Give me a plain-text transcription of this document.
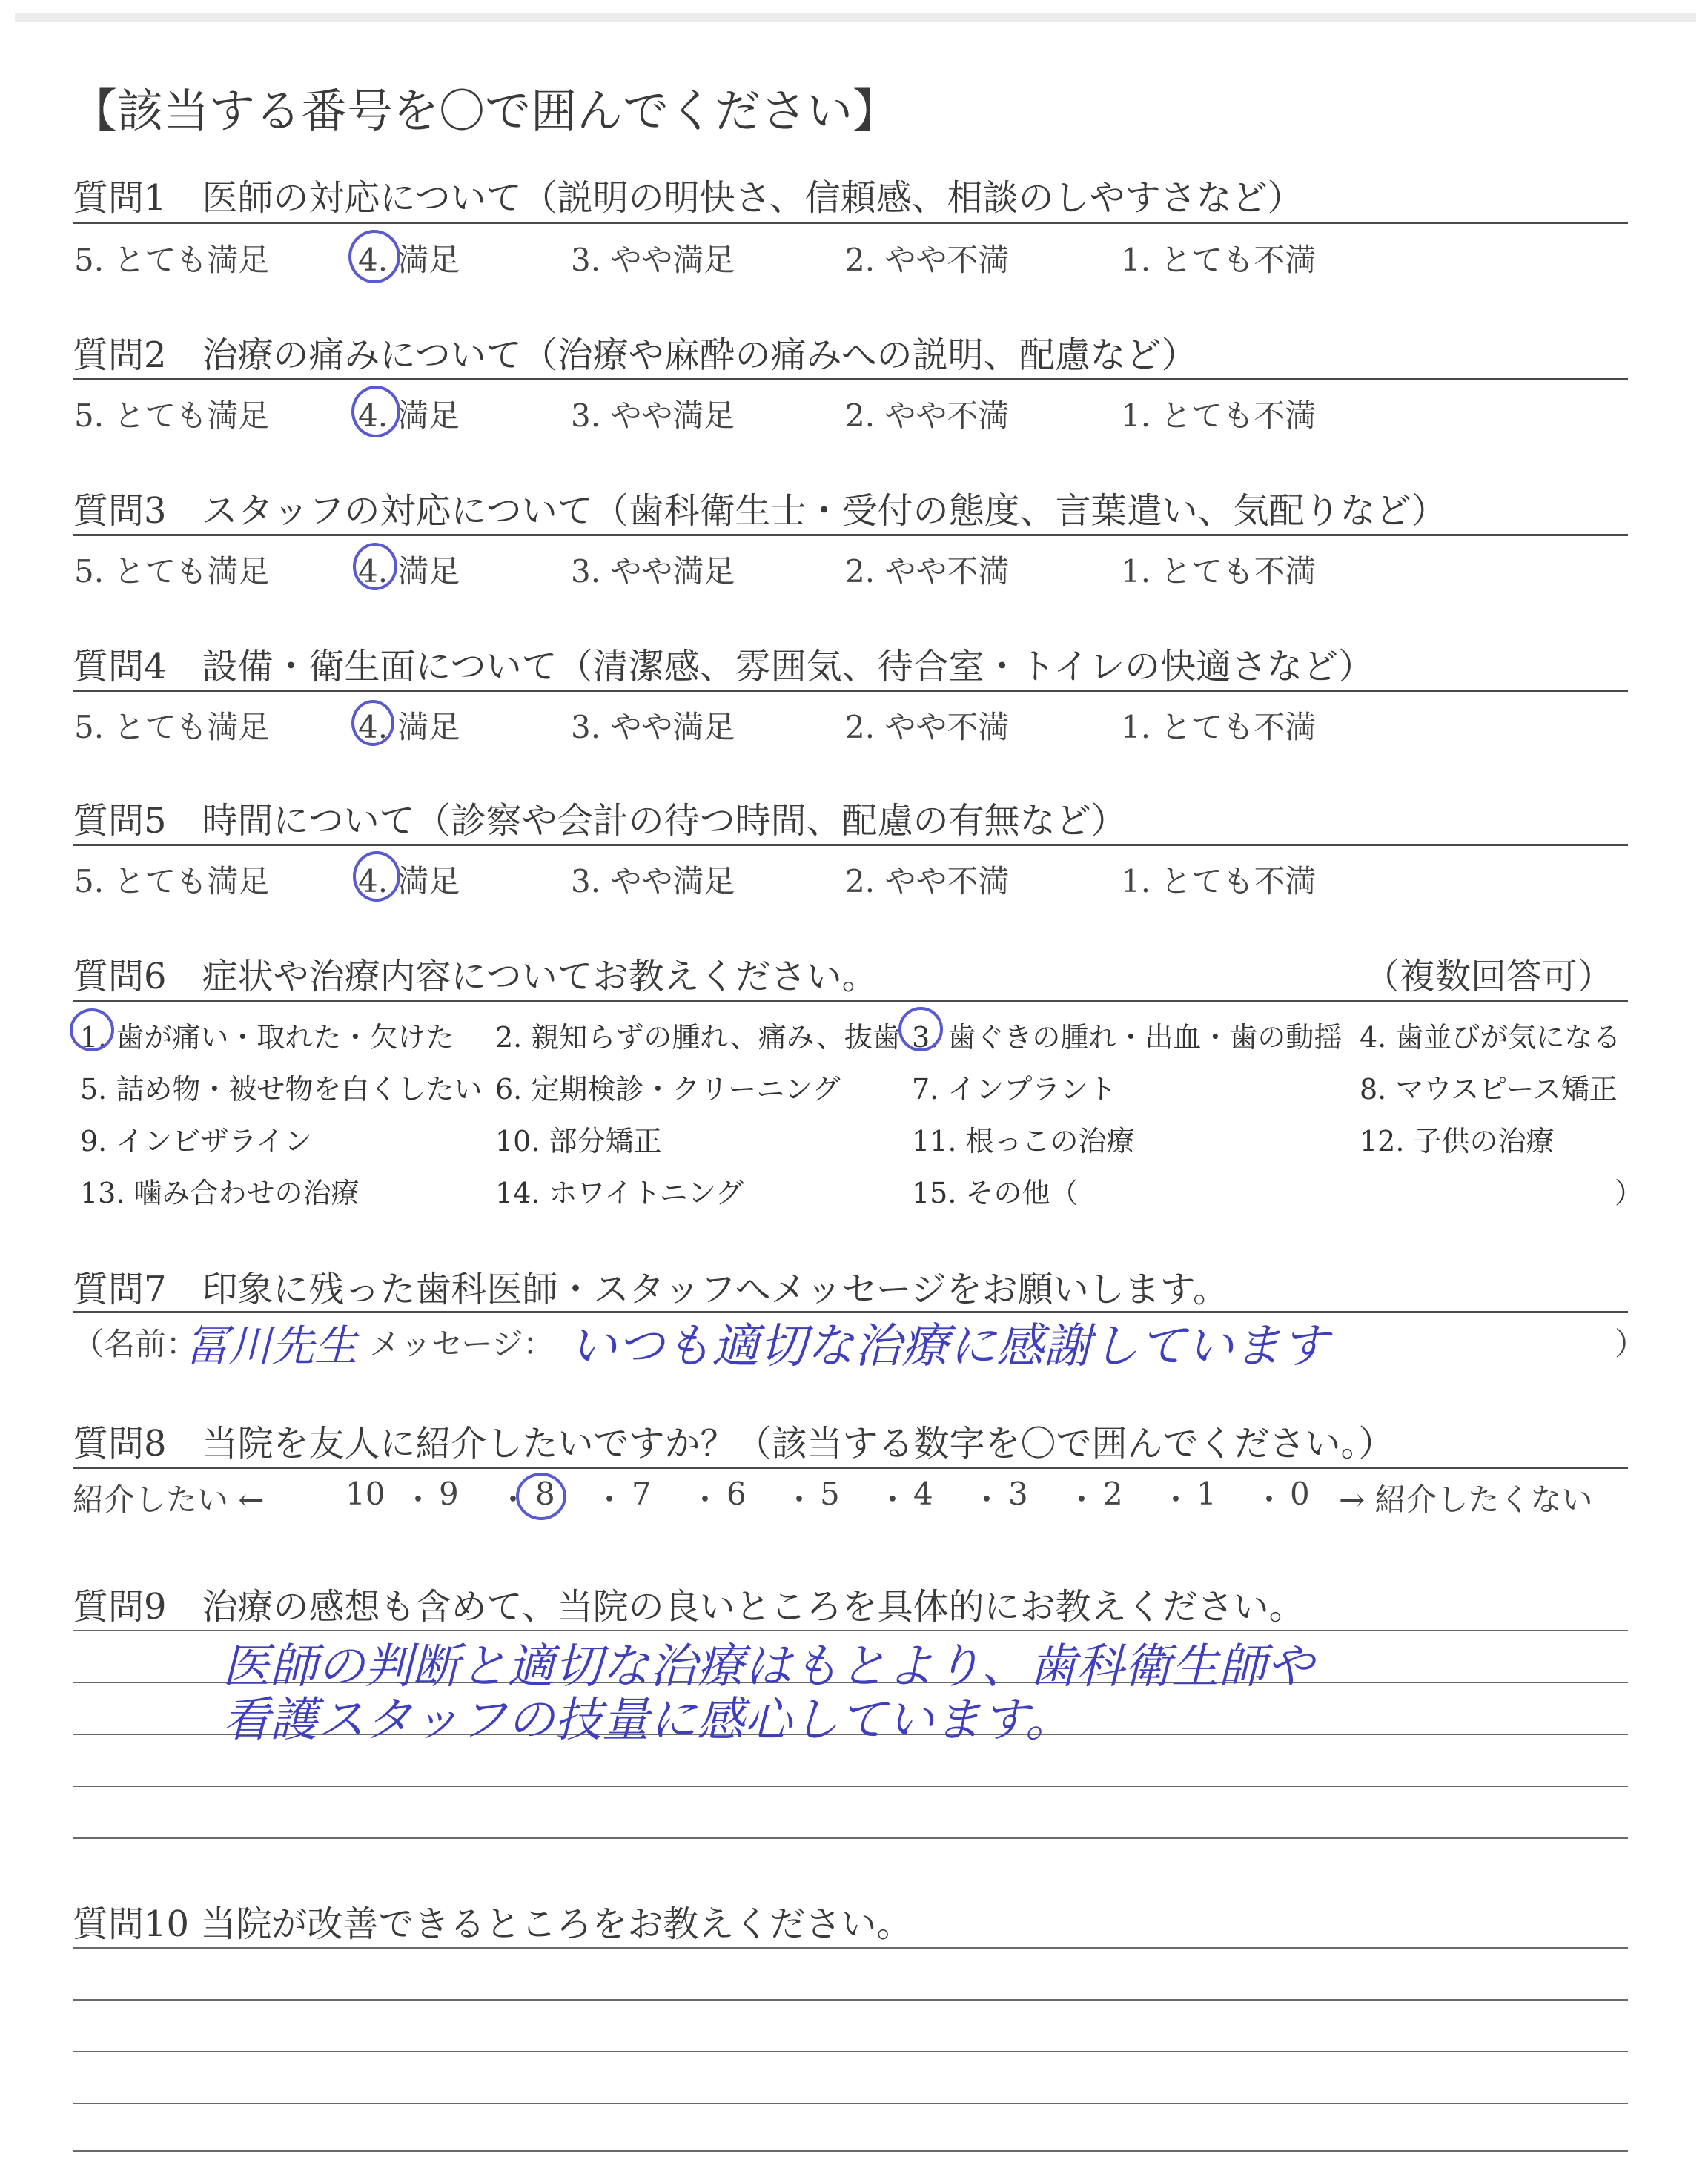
【該当する番号を〇で囲んでください】
質問1　医師の対応について（説明の明快さ、信頼感、相談のしやすさなど）
5. とても満足	4. 満足	3. やや満足	2. やや不満	1. とても不満
質問2　治療の痛みについて（治療や麻酔の痛みへの説明、配慮など）
5. とても満足	4. 満足	3. やや満足	2. やや不満	1. とても不満
質問3　スタッフの対応について（歯科衛生士・受付の態度、言葉遣い、気配りなど）
5. とても満足	4. 満足	3. やや満足	2. やや不満	1. とても不満
質問4　設備・衛生面について（清潔感、雰囲気、待合室・トイレの快適さなど）
5. とても満足	4. 満足	3. やや満足	2. やや不満	1. とても不満
質問5　時間について（診察や会計の待つ時間、配慮の有無など）
5. とても満足	4. 満足	3. やや満足	2. やや不満	1. とても不満
質問6　症状や治療内容についてお教えください。	（複数回答可）
1. 歯が痛い・取れた・欠けた 2. 親知らずの腫れ、痛み、抜歯 3. 歯ぐきの腫れ・出血・歯の動揺 4. 歯並びが気になる
5. 詰め物・被せ物を白くしたい 6. 定期検診・クリーニング	7. インプラント	8. マウスピース矯正
9. インビザライン	10. 部分矯正	11. 根っこの治療	12. 子供の治療
13. 噛み合わせの治療	14. ホワイトニング	15. その他（	）
質問7　印象に残った歯科医師・スタッフへメッセージをお願いします。
（名前：
冨川先生 メッセージ： いつも適切な治療に感謝しています	）
質問8　当院を友人に紹介したいですか？（該当する数字を〇で囲んでください。）
紹介したい ←	→ 紹介したくない
10 ・ 9 ・ 8 ・ 7 ・ 6 ・ 5 ・ 4 ・ 3 ・ 2 ・ 1 ・ 0
質問9　治療の感想も含めて、当院の良いところを具体的にお教えください。
医師の判断と適切な治療はもとより、歯科衛生師や
看護スタッフの技量に感心しています。
質問10 当院が改善できるところをお教えください。
